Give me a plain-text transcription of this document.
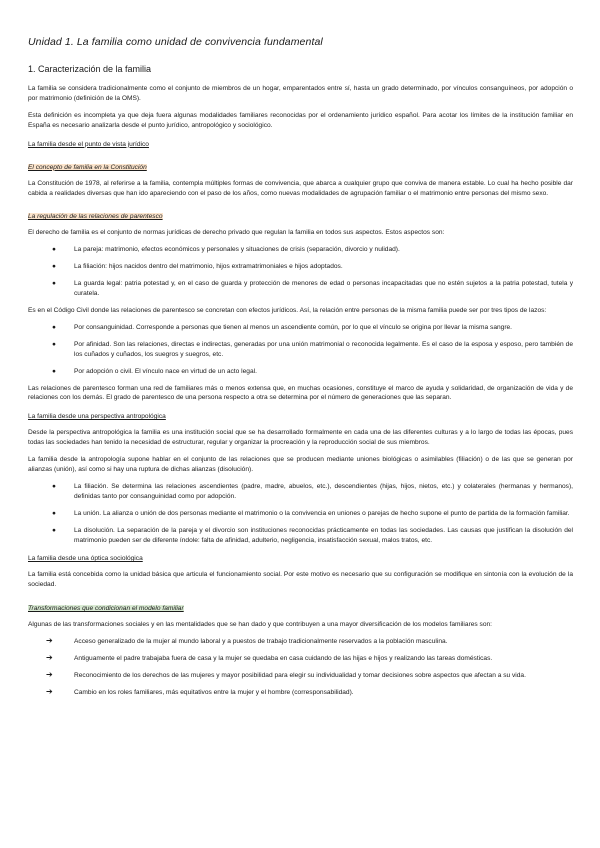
Unidad 1. La familia como unidad de convivencia fundamental
1. Caracterización de la familia

La familia se considera tradicionalmente como el conjunto de miembros de un hogar, emparentados entre sí, hasta un grado determinado, por vínculos consanguíneos, por adopción o por matrimonio (definición de la OMS).

Esta definición es incompleta ya que deja fuera algunas modalidades familiares reconocidas por el ordenamiento jurídico español. Para acotar los límites de la institución familiar en España es necesario analizarla desde el punto jurídico, antropológico y sociológico.

La familia desde el punto de vista jurídico
El concepto de familia en la Constitución

La Constitución de 1978, al referirse a la familia, contempla múltiples formas de convivencia, que abarca a cualquier grupo que conviva de manera estable. Lo cual ha hecho posible dar cabida a realidades diversas que han ido apareciendo con el paso de los años, como nuevas modalidades de agrupación familiar o el matrimonio entre personas del mismo sexo.

La regulación de las relaciones de parentesco

El derecho de familia es el conjunto de normas jurídicas de derecho privado que regulan la familia en todos sus aspectos. Estos aspectos son:

●	La pareja: matrimonio, efectos económicos y personales y situaciones de crisis (separación, divorcio y nulidad).
●	La filiación: hijos nacidos dentro del matrimonio, hijos extramatrimoniales e hijos adoptados.
●	La guarda legal: patria potestad y, en el caso de guarda y protección de menores de edad o personas incapacitadas que no estén sujetos a la patria potestad, tutela y curatela.

Es en el Código Civil donde las relaciones de parentesco se concretan con efectos jurídicos. Así, la relación entre personas de la misma familia puede ser por tres tipos de lazos:

●	Por consanguinidad. Corresponde a personas que tienen al menos un ascendiente común, por lo que el vínculo se origina por llevar la misma sangre.
●	Por afinidad. Son las relaciones, directas e indirectas, generadas por una unión matrimonial o reconocida legalmente. Es el caso de la esposa y esposo, pero también de los cuñados y cuñados, los suegros y suegros, etc.
●	Por adopción o civil. El vínculo nace en virtud de un acto legal.

Las relaciones de parentesco forman una red de familiares más o menos extensa que, en muchas ocasiones, constituye el marco de ayuda y solidaridad, de organización de vida y de relaciones con los demás. El grado de parentesco de una persona respecto a otra se determina por el número de generaciones que las separan.

La familia desde una perspectiva antropológica

Desde la perspectiva antropológica la familia es una institución social que se ha desarrollado formalmente en cada una de las diferentes culturas y a lo largo de todas las épocas, pues todas las sociedades han tenido la necesidad de estructurar, regular y organizar la procreación y la reproducción social de sus miembros.

La familia desde la antropología supone hablar en el conjunto de las relaciones que se producen mediante uniones biológicas o asimilables (filiación) o de las que se generan por alianzas (unión), así como si hay una ruptura de dichas alianzas (disolución).

●	La filiación. Se determina las relaciones ascendientes (padre, madre, abuelos, etc.), descendientes (hijas, hijos, nietos, etc.) y colaterales (hermanas y hermanos), definidas tanto por consanguinidad como por adopción.
●	La unión. La alianza o unión de dos personas mediante el matrimonio o la convivencia en uniones o parejas de hecho supone el punto de partida de la formación familiar.
●	La disolución. La separación de la pareja y el divorcio son instituciones reconocidas prácticamente en todas las sociedades. Las causas que justifican la disolución del matrimonio pueden ser de diferente índole: falta de afinidad, adulterio, negligencia, insatisfacción sexual, malos tratos, etc.
La familia desde una óptica sociológica

La familia está concebida como la unidad básica que articula el funcionamiento social. Por este motivo es necesario que su configuración se modifique en sintonía con la evolución de la sociedad.

Transformaciones que condicionan el modelo familiar

Algunas de las transformaciones sociales y en las mentalidades que se han dado y que contribuyen a una mayor diversificación de los modelos familiares son:

➔	Acceso generalizado de la mujer al mundo laboral y a puestos de trabajo tradicionalmente reservados a la población masculina.
➔	Antiguamente el padre trabajaba fuera de casa y la mujer se quedaba en casa cuidando de las hijas e hijos y realizando las tareas domésticas.
➔	Reconocimiento de los derechos de las mujeres y mayor posibilidad para elegir su individualidad y tomar decisiones sobre aspectos que afectan a su vida.
➔	Cambio en los roles familiares, más equitativos entre la mujer y el hombre (corresponsabilidad).
